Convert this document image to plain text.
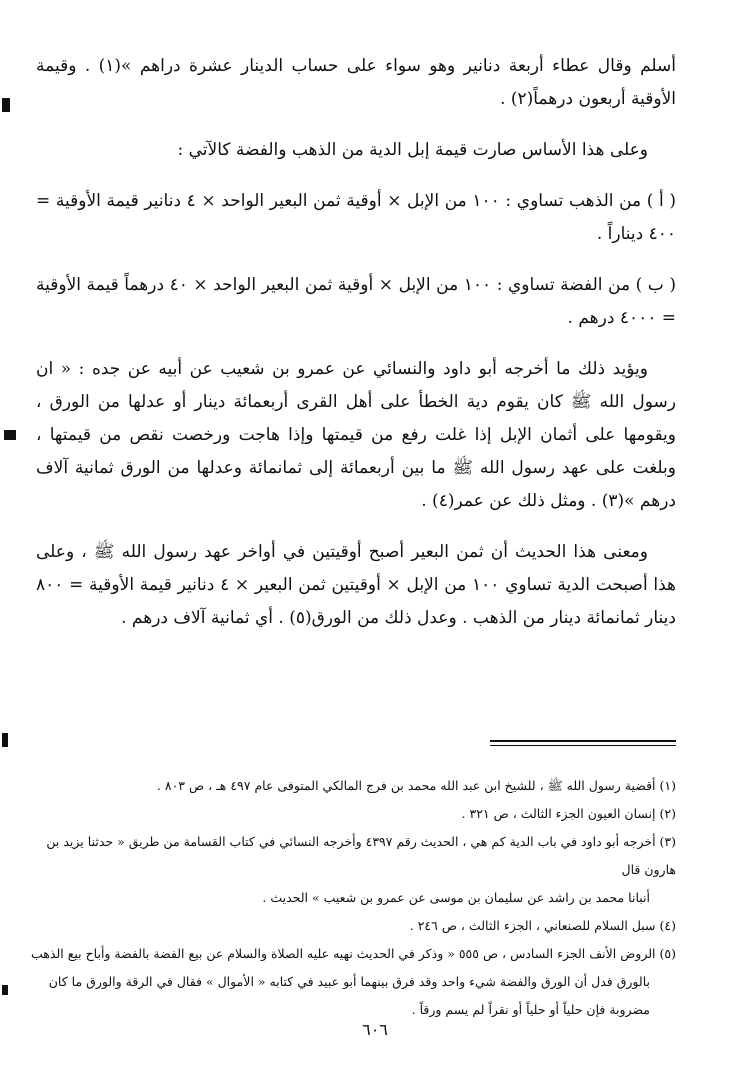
أسلم وقال عطاء أربعة دنانير وهو سواء على حساب الدينار عشرة دراهم »(١) . وقيمة الأوقية أربعون درهماً(٢) .

وعلى هذا الأساس صارت قيمة إبل الدية من الذهب والفضة كالآتي :

( أ ) من الذهب تساوي : ١٠٠ من الإبل × أوقية ثمن البعير الواحد × ٤ دنانير قيمة الأوقية = ٤٠٠ ديناراً .

( ب ) من الفضة تساوي : ١٠٠ من الإبل × أوقية ثمن البعير الواحد × ٤٠ درهماً قيمة الأوقية = ٤٠٠٠ درهم .

ويؤيد ذلك ما أخرجه أبو داود والنسائي عن عمرو بن شعيب عن أبيه عن جده : « ان رسول الله ﷺ كان يقوم دية الخطأ على أهل القرى أربعمائة دينار أو عدلها من الورق ، ويقومها على أثمان الإبل إذا غلت رفع من قيمتها وإذا هاجت ورخصت نقص من قيمتها ، وبلغت على عهد رسول الله ﷺ ما بين أربعمائة إلى ثمانمائة وعدلها من الورق ثمانية آلاف درهم »(٣) . ومثل ذلك عن عمر(٤) .

ومعنى هذا الحديث أن ثمن البعير أصبح أوقيتين في أواخر عهد رسول الله ﷺ ، وعلى هذا أصبحت الدية تساوي ١٠٠ من الإبل × أوقيتين ثمن البعير × ٤ دنانير قيمة الأوقية = ٨٠٠ دينار ثمانمائة دينار من الذهب . وعدل ذلك من الورق(٥) . أي ثمانية آلاف درهم .

(١) أقضية رسول الله ﷺ ، للشيخ ابن عبد الله محمد بن فرج المالكي المتوفى عام ٤٩٧ هـ ، ص ٨٠٣ .

(٢) إنسان العيون الجزء الثالث ، ص ٣٢١ .

(٣) أخرجه أبو داود في باب الدية كم هي ، الحديث رقم ٤٣٩٧ وأخرجه النسائي في كتاب القسامة من طريق « حدثنا يزيد بن هارون قال
أنبانا محمد بن راشد عن سليمان بن موسى عن عمرو بن شعيب » الحديث .

(٤) سبل السلام للصنعاني ، الجزء الثالث ، ص ٢٤٦ .

(٥) الروض الأنف الجزء السادس ، ص ٥٥٥ « وذكر في الحديث نهيه عليه الصلاة والسلام عن بيع الفضة بالفضة وأباح بيع الذهب
بالورق فدل أن الورق والفضة شيء واحد وقد فرق بينهما أبو عبيد في كتابه « الأموال » فقال في الرقة والورق ما كان مضروبة فإن حلياً أو حلياً أو نقراً لم يسم ورقاً .

٦٠٦
